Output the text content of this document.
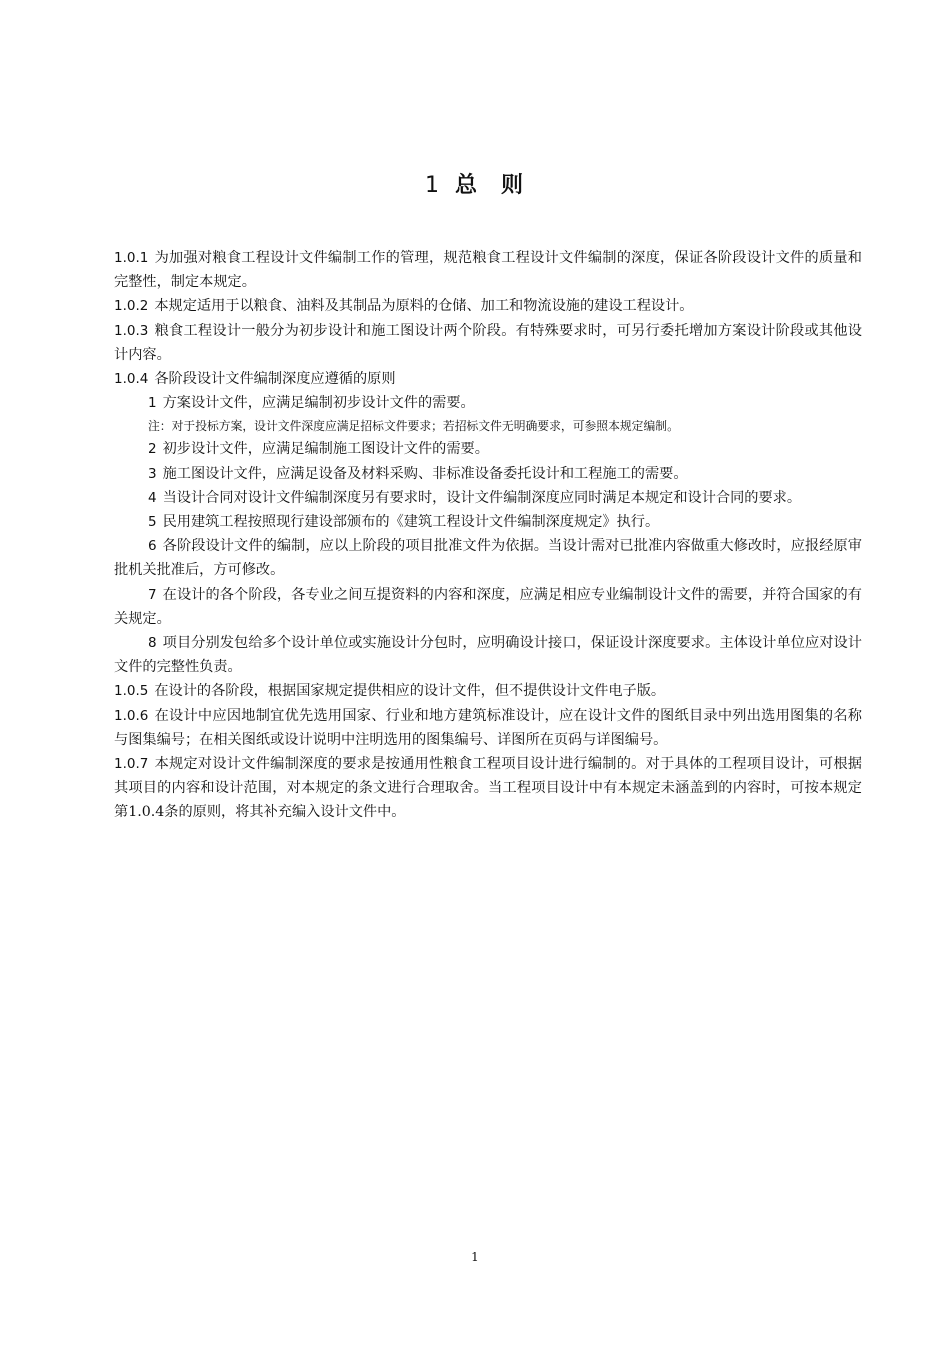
1 总 则

1.0.1 为加强对粮食工程设计文件编制工作的管理，规范粮食工程设计文件编制的深度，保证各阶段设计文件的质量和完整性，制定本规定。

1.0.2 本规定适用于以粮食、油料及其制品为原料的仓储、加工和物流设施的建设工程设计。

1.0.3 粮食工程设计一般分为初步设计和施工图设计两个阶段。有特殊要求时，可另行委托增加方案设计阶段或其他设计内容。

1.0.4 各阶段设计文件编制深度应遵循的原则

1 方案设计文件，应满足编制初步设计文件的需要。

注：对于投标方案，设计文件深度应满足招标文件要求；若招标文件无明确要求，可参照本规定编制。

2 初步设计文件，应满足编制施工图设计文件的需要。

3 施工图设计文件，应满足设备及材料采购、非标准设备委托设计和工程施工的需要。

4 当设计合同对设计文件编制深度另有要求时，设计文件编制深度应同时满足本规定和设计合同的要求。

5 民用建筑工程按照现行建设部颁布的《建筑工程设计文件编制深度规定》执行。

6 各阶段设计文件的编制，应以上阶段的项目批准文件为依据。当设计需对已批准内容做重大修改时，应报经原审批机关批准后，方可修改。

7 在设计的各个阶段，各专业之间互提资料的内容和深度，应满足相应专业编制设计文件的需要，并符合国家的有关规定。

8 项目分别发包给多个设计单位或实施设计分包时，应明确设计接口，保证设计深度要求。主体设计单位应对设计文件的完整性负责。

1.0.5 在设计的各阶段，根据国家规定提供相应的设计文件，但不提供设计文件电子版。

1.0.6 在设计中应因地制宜优先选用国家、行业和地方建筑标准设计，应在设计文件的图纸目录中列出选用图集的名称与图集编号；在相关图纸或设计说明中注明选用的图集编号、详图所在页码与详图编号。

1.0.7 本规定对设计文件编制深度的要求是按通用性粮食工程项目设计进行编制的。对于具体的工程项目设计，可根据其项目的内容和设计范围，对本规定的条文进行合理取舍。当工程项目设计中有本规定未涵盖到的内容时，可按本规定第1.0.4条的原则，将其补充编入设计文件中。

1
